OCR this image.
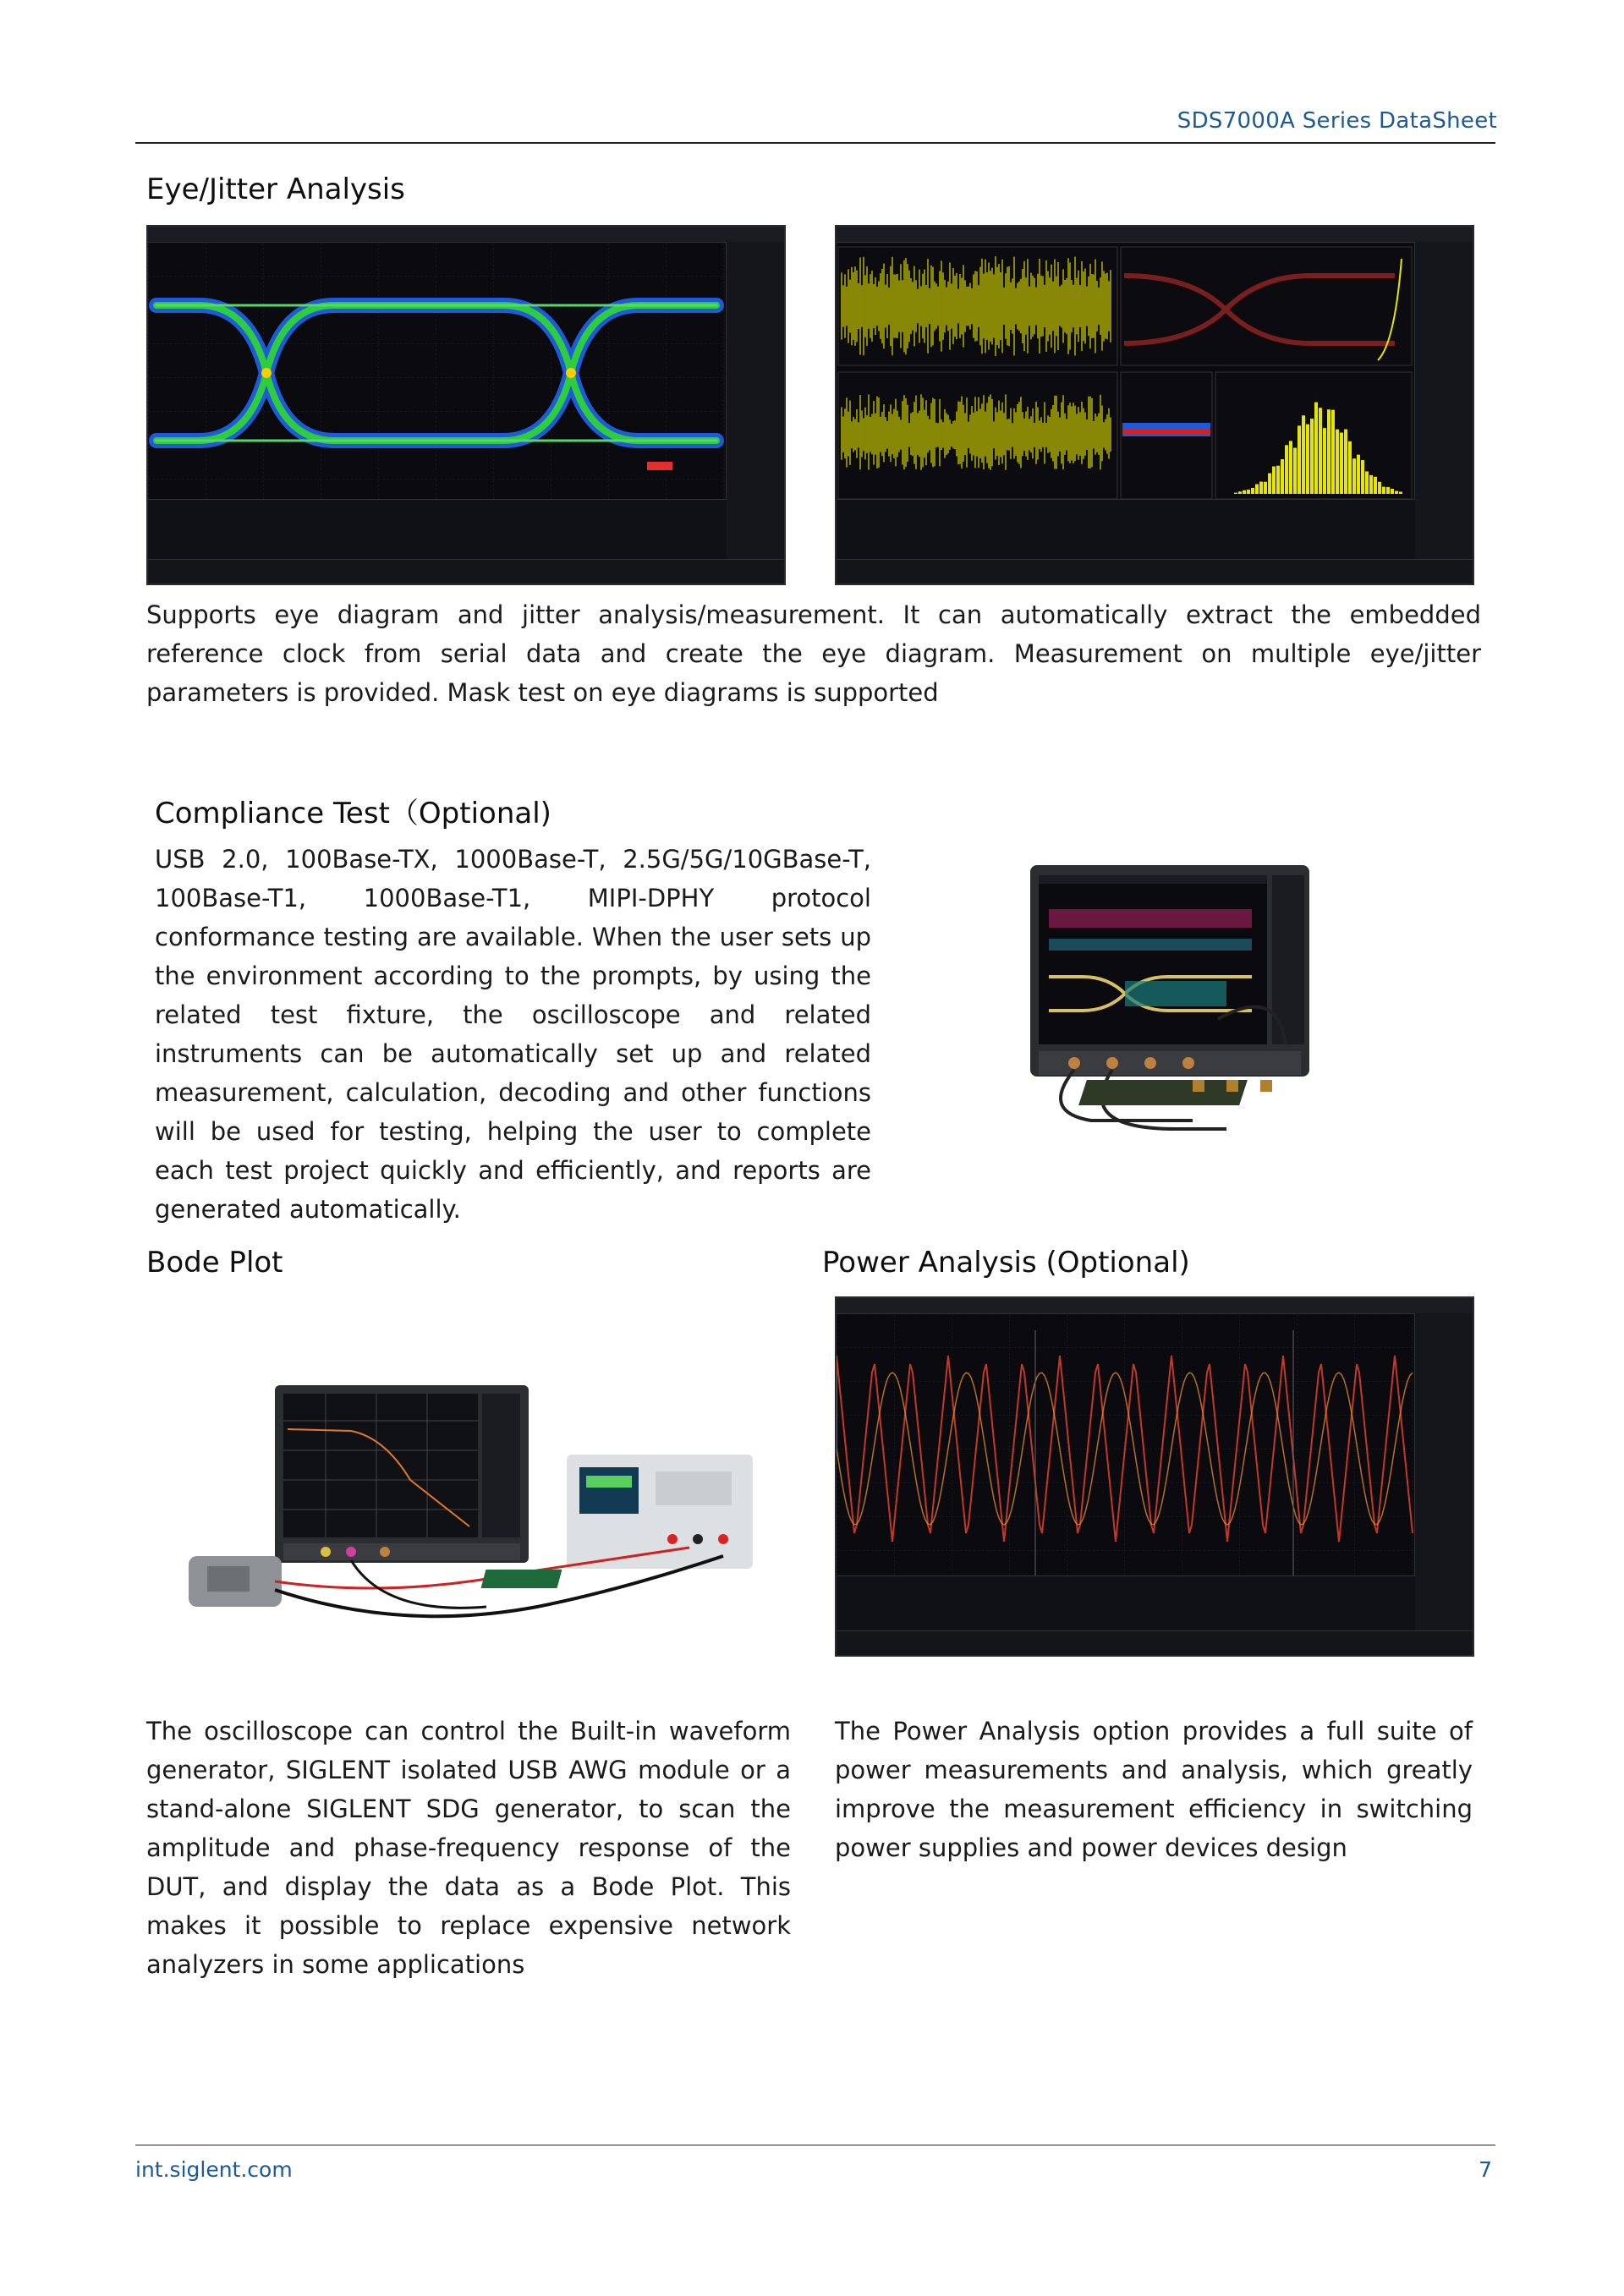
SDS7000A Series DataSheet
Eye/Jitter Analysis

Supports eye diagram and jitter analysis/measurement. It can automatically extract the embedded reference clock from serial data and create the eye diagram. Measurement on multiple eye/jitter parameters is provided. Mask test on eye diagrams is supported

Compliance Test（Optional)

USB 2.0, 100Base-TX, 1000Base-T, 2.5G/5G/10GBase-T, 100Base-T1, 1000Base-T1, MIPI-DPHY protocol conformance testing are available. When the user sets up the environment according to the prompts, by using the related test fixture, the oscilloscope and related instruments can be automatically set up and related measurement, calculation, decoding and other functions will be used for testing, helping the user to complete each test project quickly and efficiently, and reports are generated automatically.

Bode Plot

The oscilloscope can control the Built-in waveform generator, SIGLENT isolated USB AWG module or a stand-alone SIGLENT SDG generator, to scan the amplitude and phase-frequency response of the DUT, and display the data as a Bode Plot. This makes it possible to replace expensive network analyzers in some applications

Power Analysis (Optional)

The Power Analysis option provides a full suite of power measurements and analysis, which greatly improve the measurement efficiency in switching power supplies and power devices design

int.siglent.com	7
